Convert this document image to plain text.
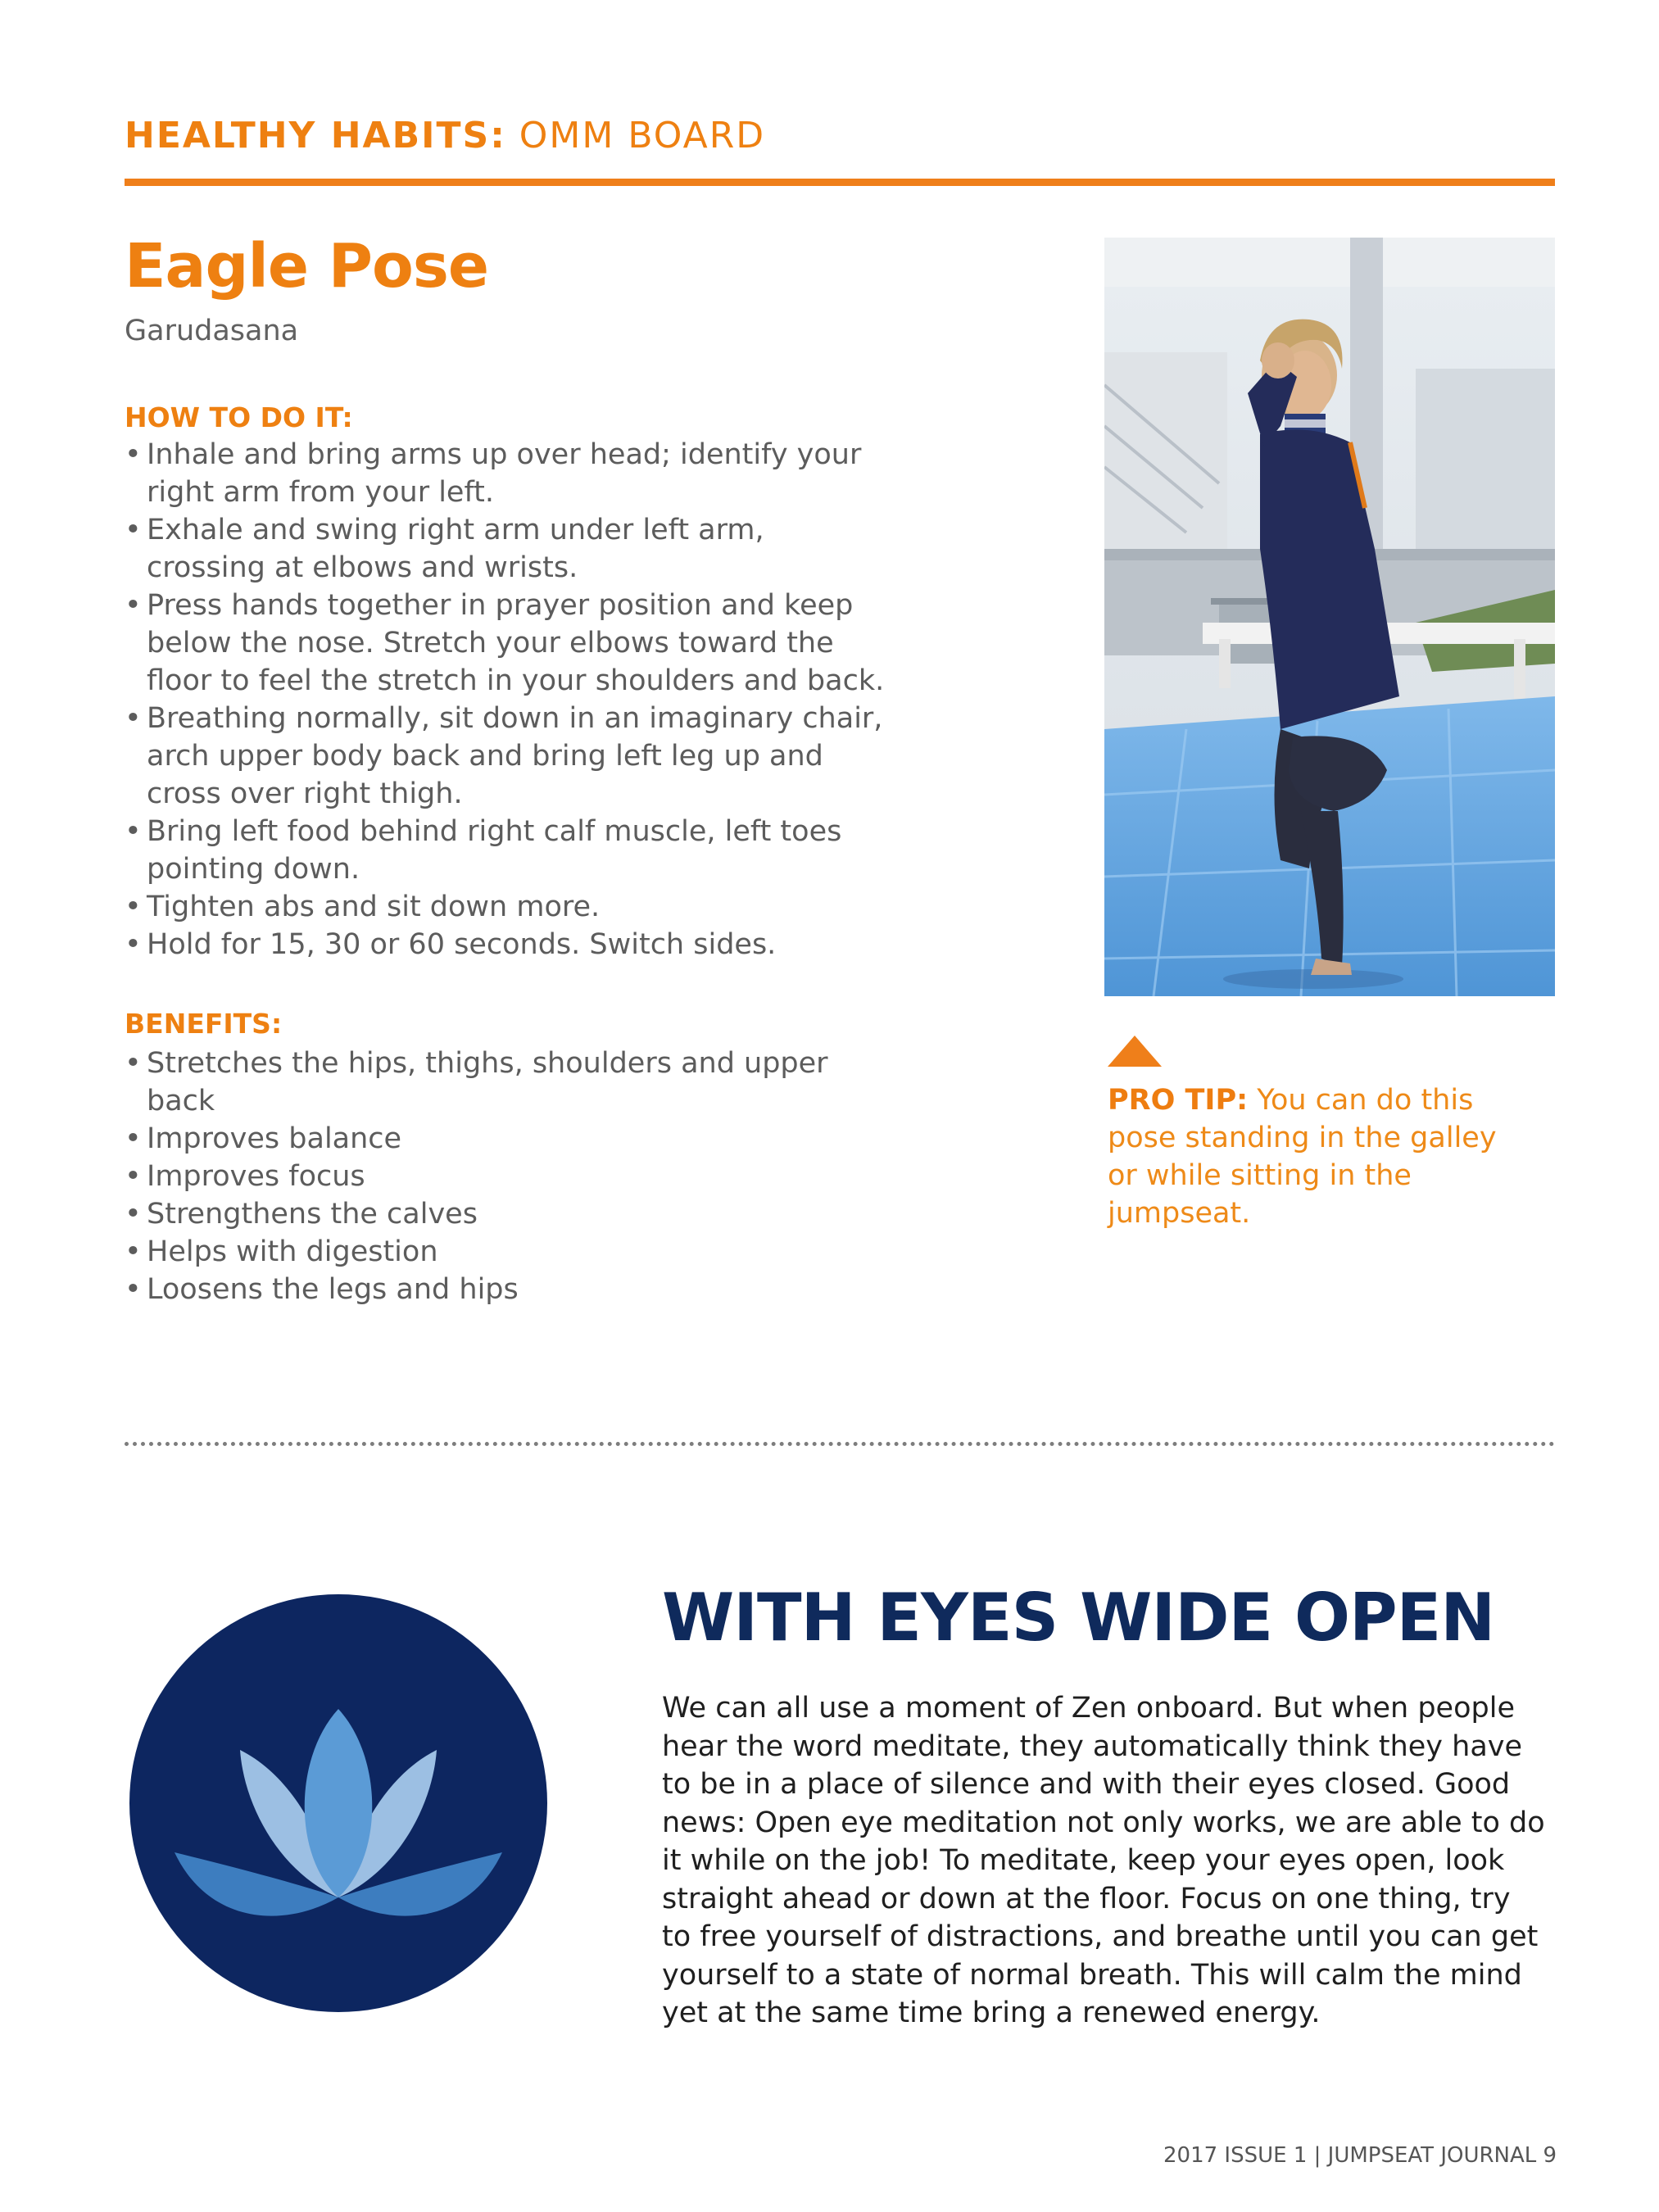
HEALTHY HABITS: OMM BOARD
Eagle Pose
Garudasana
HOW TO DO IT:
• Inhale and bring arms up over head; identify your right arm from your left.
• Exhale and swing right arm under left arm, crossing at elbows and wrists.
• Press hands together in prayer position and keep below the nose. Stretch your elbows toward the floor to feel the stretch in your shoulders and back.
• Breathing normally, sit down in an imaginary chair, arch upper body back and bring left leg up and cross over right thigh.
• Bring left food behind right calf muscle, left toes pointing down.
• Tighten abs and sit down more.
• Hold for 15, 30 or 60 seconds. Switch sides.
BENEFITS:
• Stretches the hips, thighs, shoulders and upper back
• Improves balance
• Improves focus
• Strengthens the calves
• Helps with digestion
• Loosens the legs and hips
PRO TIP: You can do this pose standing in the galley or while sitting in the jumpseat.
WITH EYES WIDE OPEN
We can all use a moment of Zen onboard. But when people hear the word meditate, they automatically think they have to be in a place of silence and with their eyes closed. Good news: Open eye meditation not only works, we are able to do it while on the job! To meditate, keep your eyes open, look straight ahead or down at the floor. Focus on one thing, try to free yourself of distractions, and breathe until you can get yourself to a state of normal breath. This will calm the mind yet at the same time bring a renewed energy.
2017 ISSUE 1 | JUMPSEAT JOURNAL 9
